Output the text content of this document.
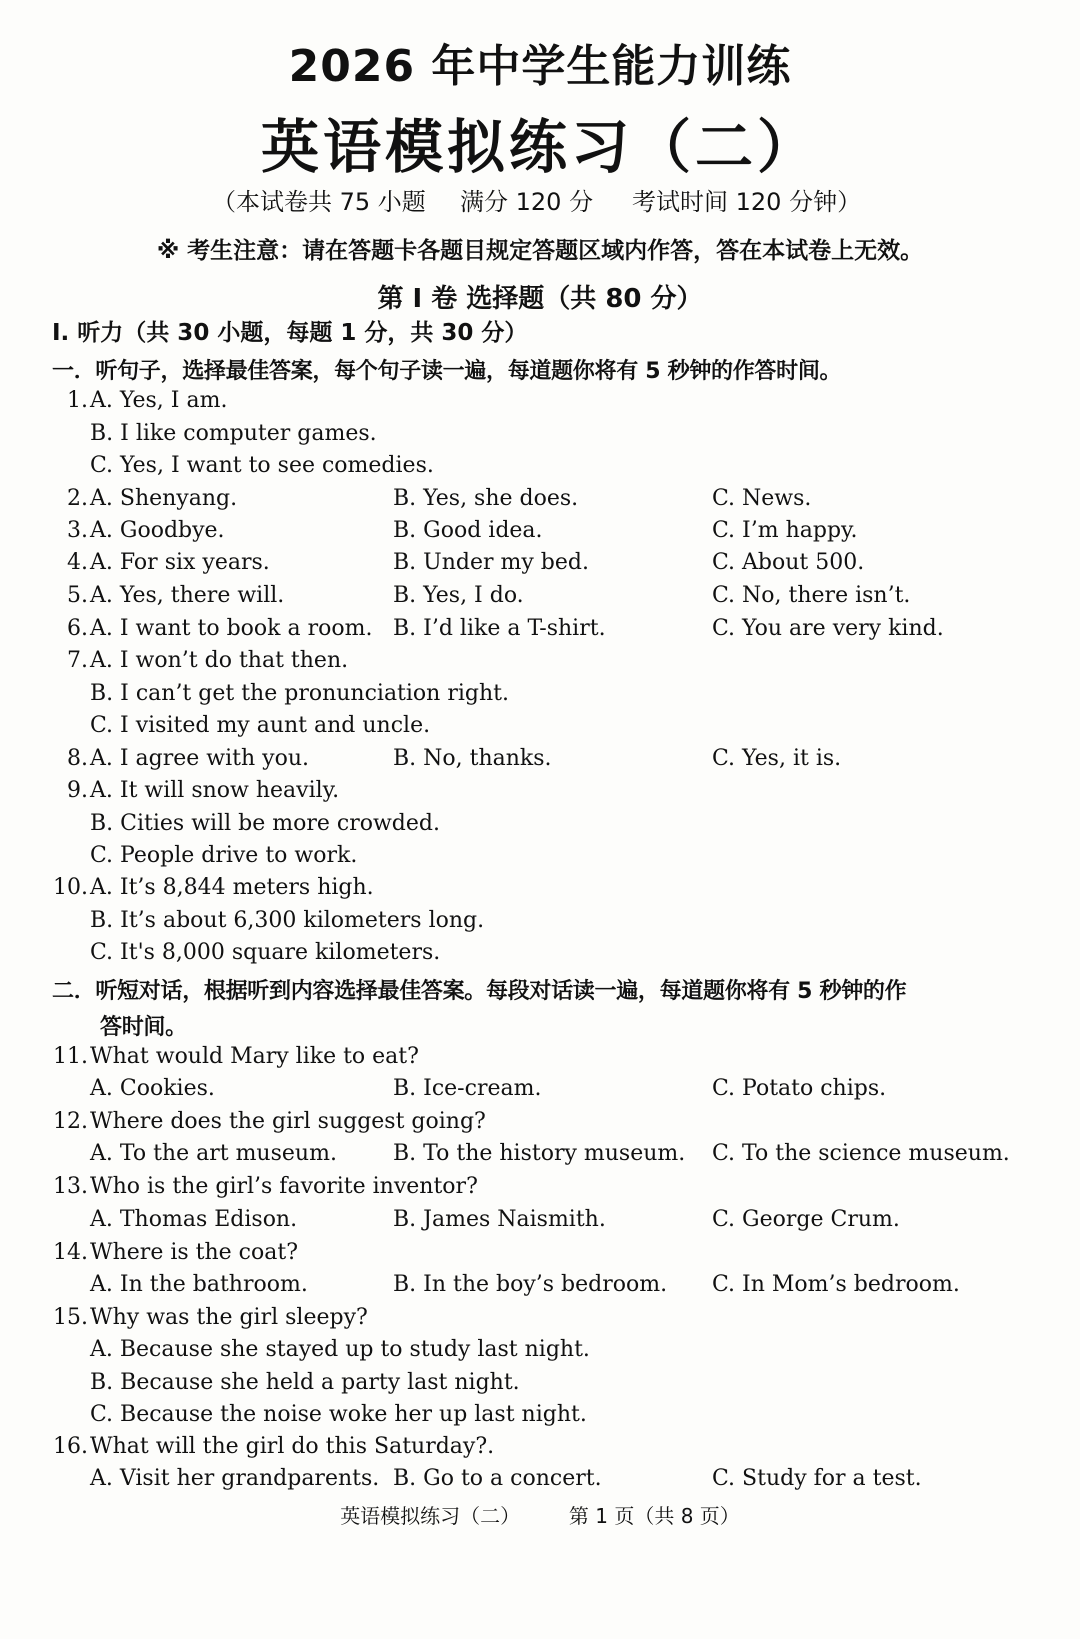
2026 年中学生能力训练
英语模拟练习（二）
（本试卷共 75 小题 满分 120 分 考试时间 120 分钟）
※ 考生注意：请在答题卡各题目规定答题区域内作答，答在本试卷上无效。
第 I 卷 选择题（共 80 分）
I. 听力（共 30 小题，每题 1 分，共 30 分）
一．听句子，选择最佳答案，每个句子读一遍，每道题你将有 5 秒钟的作答时间。
1. A. Yes, I am.
B. I like computer games.
C. Yes, I want to see comedies.
2. A. Shenyang.	B. Yes, she does.	C. News.
3. A. Goodbye.	B. Good idea.	C. I’m happy.
4. A. For six years.	B. Under my bed.	C. About 500.
5. A. Yes, there will.	B. Yes, I do.	C. No, there isn’t.
6. A. I want to book a room. B. I’d like a T-shirt.	C. You are very kind.
7. A. I won’t do that then.
B. I can’t get the pronunciation right.
C. I visited my aunt and uncle.
8. A. I agree with you.	B. No, thanks.	C. Yes, it is.
9. A. It will snow heavily.
B. Cities will be more crowded.
C. People drive to work.
10. A. It’s 8,844 meters high.
B. It’s about 6,300 kilometers long.
C. It's 8,000 square kilometers.
二．听短对话，根据听到内容选择最佳答案。每段对话读一遍，每道题你将有 5 秒钟的作
答时间。
11. What would Mary like to eat?
A. Cookies.	B. Ice-cream.	C. Potato chips.
12. Where does the girl suggest going?
A. To the art museum.	B. To the history museum. C. To the science museum.
13. Who is the girl’s favorite inventor?
A. Thomas Edison.	B. James Naismith.	C. George Crum.
14. Where is the coat?
A. In the bathroom.	B. In the boy’s bedroom. C. In Mom’s bedroom.
15. Why was the girl sleepy?
A. Because she stayed up to study last night.
B. Because she held a party last night.
C. Because the noise woke her up last night.
16. What will the girl do this Saturday?.
A. Visit her grandparents. B. Go to a concert.	C. Study for a test.
英语模拟练习（二） 第 1 页（共 8 页）
